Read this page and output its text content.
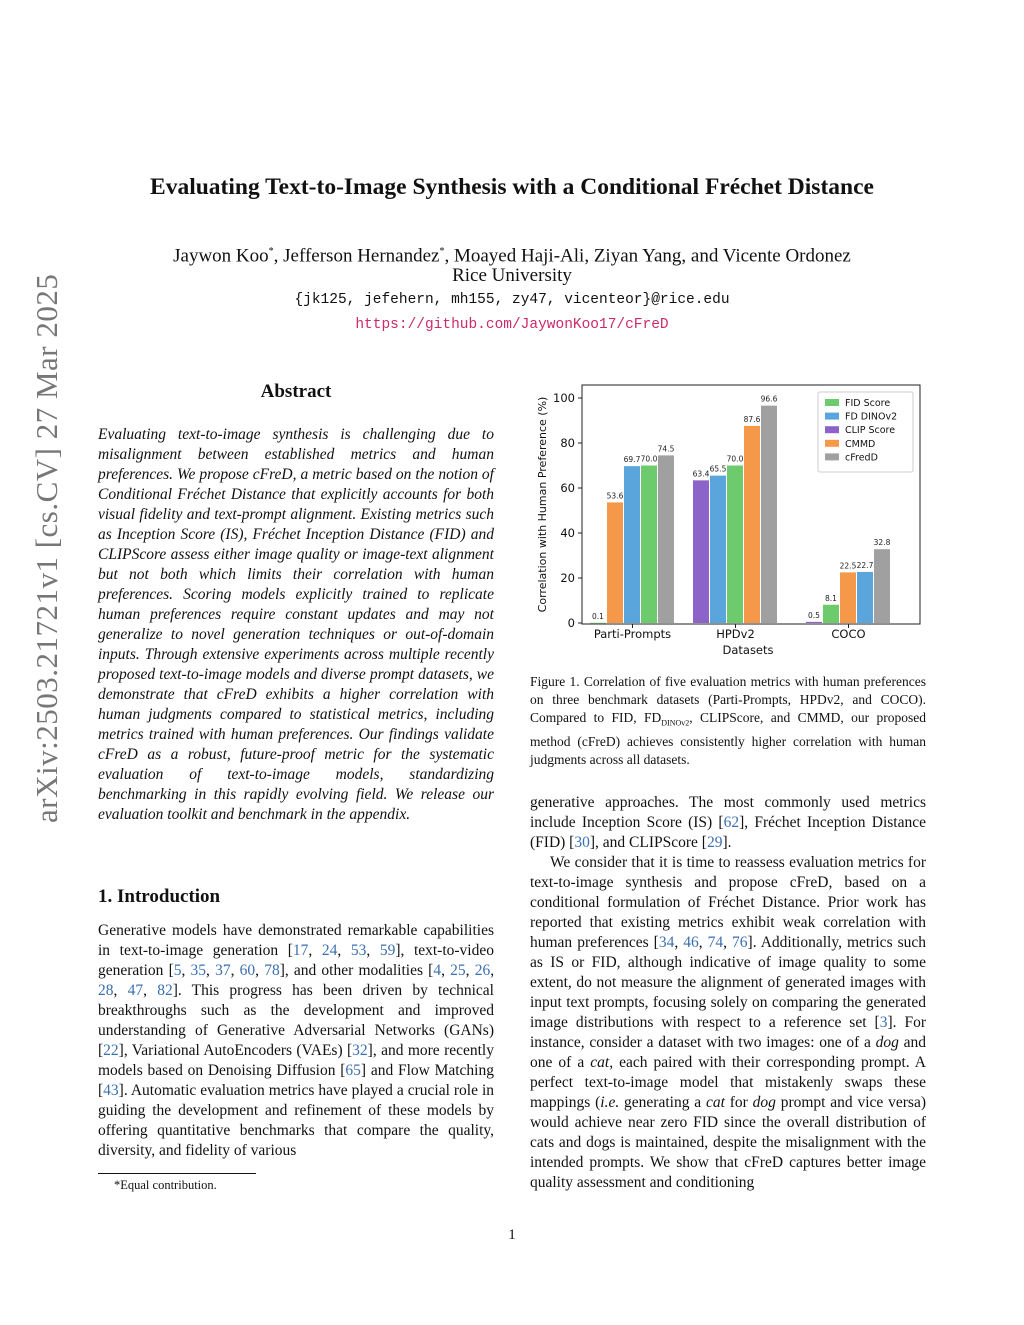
arXiv:2503.21721v1 [cs.CV] 27 Mar 2025
Evaluating Text-to-Image Synthesis with a Conditional Fréchet Distance
Jaywon Koo*, Jefferson Hernandez*, Moayed Haji-Ali, Ziyan Yang, and Vicente Ordonez
Rice University
{jk125, jefehern, mh155, zy47, vicenteor}@rice.edu
https://github.com/JaywonKoo17/cFreD
Abstract
Evaluating text-to-image synthesis is challenging due to misalignment between established metrics and human preferences. We propose cFreD, a metric based on the notion of Conditional Fréchet Distance that explicitly accounts for both visual fidelity and text-prompt alignment. Existing metrics such as Inception Score (IS), Fréchet Inception Distance (FID) and CLIPScore assess either image quality or image-text alignment but not both which limits their correlation with human preferences. Scoring models explicitly trained to replicate human preferences require constant updates and may not generalize to novel generation techniques or out-of-domain inputs. Through extensive experiments across multiple recently proposed text-to-image models and diverse prompt datasets, we demonstrate that cFreD exhibits a higher correlation with human judgments compared to statistical metrics, including metrics trained with human preferences. Our findings validate cFreD as a robust, future-proof metric for the systematic evaluation of text-to-image models, standardizing benchmarking in this rapidly evolving field. We release our evaluation toolkit and benchmark in the appendix.
1. Introduction
Generative models have demonstrated remarkable capabilities in text-to-image generation [17, 24, 53, 59], text-to-video generation [5, 35, 37, 60, 78], and other modalities [4, 25, 26, 28, 47, 82]. This progress has been driven by technical breakthroughs such as the development and improved understanding of Generative Adversarial Networks (GANs) [22], Variational AutoEncoders (VAEs) [32], and more recently models based on Denoising Diffusion [65] and Flow Matching [43]. Automatic evaluation metrics have played a crucial role in guiding the development and refinement of these models by offering quantitative benchmarks that compare the quality, diversity, and fidelity of various
*Equal contribution.
0
20
40
60
80
100
Correlation with Human Preference (%)
0.1
53.6
69.7 70.0
74.5
Parti-Prompts
63.4
65.5
70.0
87.6
96.6
HPDv2
0.5
8.1
22.5 22.7
32.8
COCO
Datasets
FID Score
FD DINOv2
CLIP Score
CMMD
cFredD
Figure 1. Correlation of five evaluation metrics with human preferences on three benchmark datasets (Parti-Prompts, HPDv2, and COCO). Compared to FID, $FD_{DINOv2}$, CLIPScore, and CMMD, our proposed method (cFreD) achieves consistently higher correlation with human judgments across all datasets.

generative approaches. The most commonly used metrics include Inception Score (IS) [62], Fréchet Inception Distance (FID) [30], and CLIPScore [29].

We consider that it is time to reassess evaluation metrics for text-to-image synthesis and propose cFreD, based on a conditional formulation of Fréchet Distance. Prior work has reported that existing metrics exhibit weak correlation with human preferences [34, 46, 74, 76]. Additionally, metrics such as IS or FID, although indicative of image quality to some extent, do not measure the alignment of generated images with input text prompts, focusing solely on comparing the generated image distributions with respect to a reference set [3]. For instance, consider a dataset with two images: one of a dog and one of a cat, each paired with their corresponding prompt. A perfect text-to-image model that mistakenly swaps these mappings (i.e. generating a cat for dog prompt and vice versa) would achieve near zero FID since the overall distribution of cats and dogs is maintained, despite the misalignment with the intended prompts. We show that cFreD captures better image quality assessment and conditioning

1
